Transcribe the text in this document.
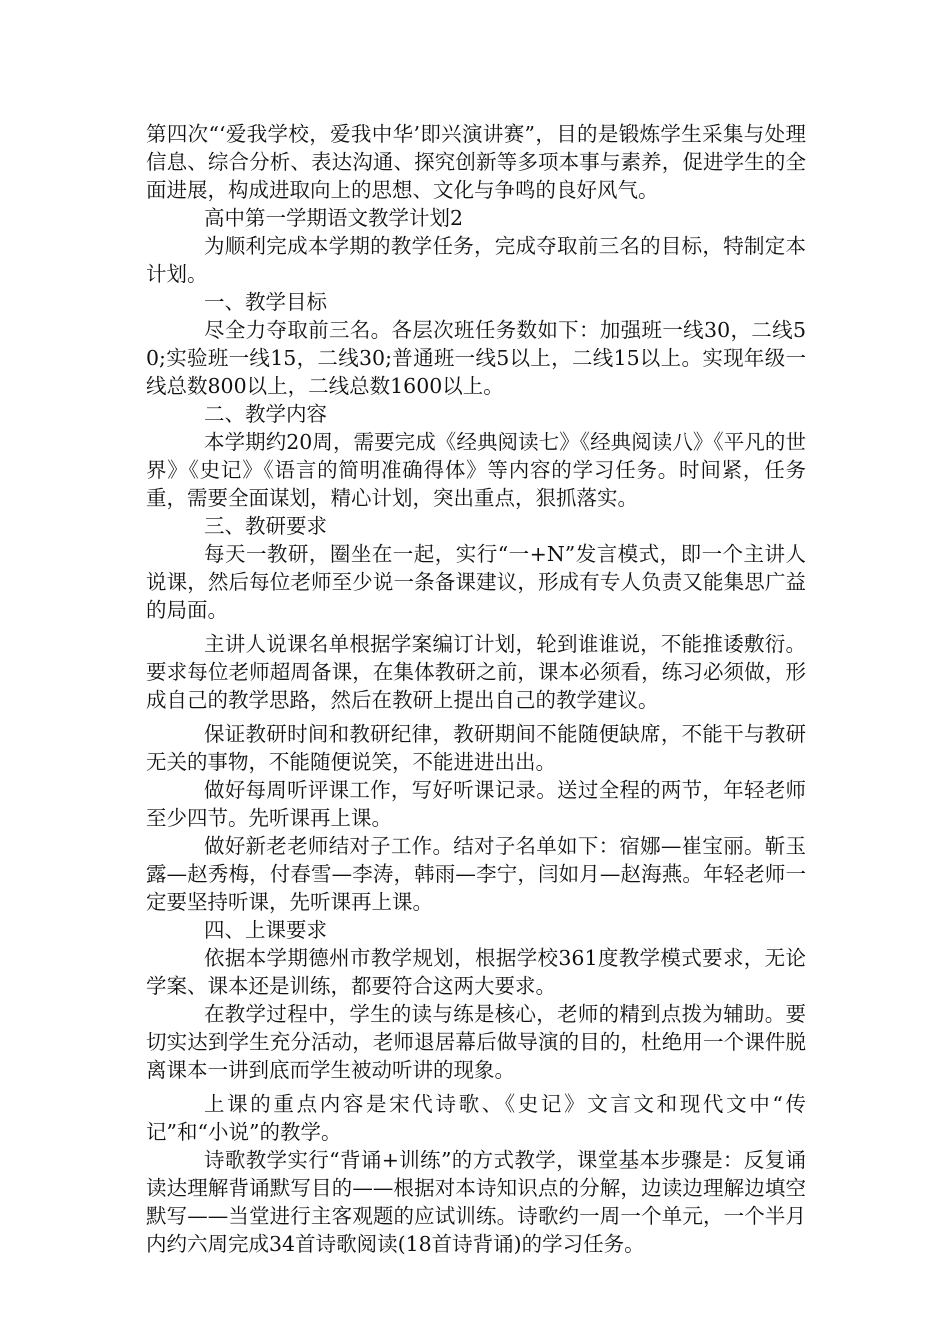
第四次“‘爱我学校，爱我中华’即兴演讲赛”，目的是锻炼学生采集与处理信息、综合分析、表达沟通、探究创新等多项本事与素养，促进学生的全面进展，构成进取向上的思想、文化与争鸣的良好风气。

高中第一学期语文教学计划2

为顺利完成本学期的教学任务，完成夺取前三名的目标，特制定本计划。

一、教学目标

尽全力夺取前三名。各层次班任务数如下：加强班一线30，二线50;实验班一线15，二线30;普通班一线5以上，二线15以上。实现年级一线总数800以上，二线总数1600以上。

二、教学内容

本学期约20周，需要完成《经典阅读七》《经典阅读八》《平凡的世界》《史记》《语言的简明准确得体》等内容的学习任务。时间紧，任务重，需要全面谋划，精心计划，突出重点，狠抓落实。

三、教研要求

每天一教研，圈坐在一起，实行“一+N”发言模式，即一个主讲人说课，然后每位老师至少说一条备课建议，形成有专人负责又能集思广益的局面。

主讲人说课名单根据学案编订计划，轮到谁谁说，不能推诿敷衍。要求每位老师超周备课，在集体教研之前，课本必须看，练习必须做，形成自己的教学思路，然后在教研上提出自己的教学建议。

保证教研时间和教研纪律，教研期间不能随便缺席，不能干与教研无关的事物，不能随便说笑，不能进进出出。

做好每周听评课工作，写好听课记录。送过全程的两节，年轻老师至少四节。先听课再上课。

做好新老老师结对子工作。结对子名单如下：宿娜—崔宝丽。靳玉露—赵秀梅，付春雪—李涛，韩雨—李宁，闫如月—赵海燕。年轻老师一定要坚持听课，先听课再上课。

四、上课要求

依据本学期德州市教学规划，根据学校361度教学模式要求，无论学案、课本还是训练，都要符合这两大要求。

在教学过程中，学生的读与练是核心，老师的精到点拨为辅助。要切实达到学生充分活动，老师退居幕后做导演的目的，杜绝用一个课件脱离课本一讲到底而学生被动听讲的现象。

上课的重点内容是宋代诗歌、《史记》文言文和现代文中“传记”和“小说”的教学。

诗歌教学实行“背诵+训练”的方式教学，课堂基本步骤是：反复诵读达理解背诵默写目的——根据对本诗知识点的分解，边读边理解边填空默写——当堂进行主客观题的应试训练。诗歌约一周一个单元，一个半月内约六周完成34首诗歌阅读(18首诗背诵)的学习任务。
